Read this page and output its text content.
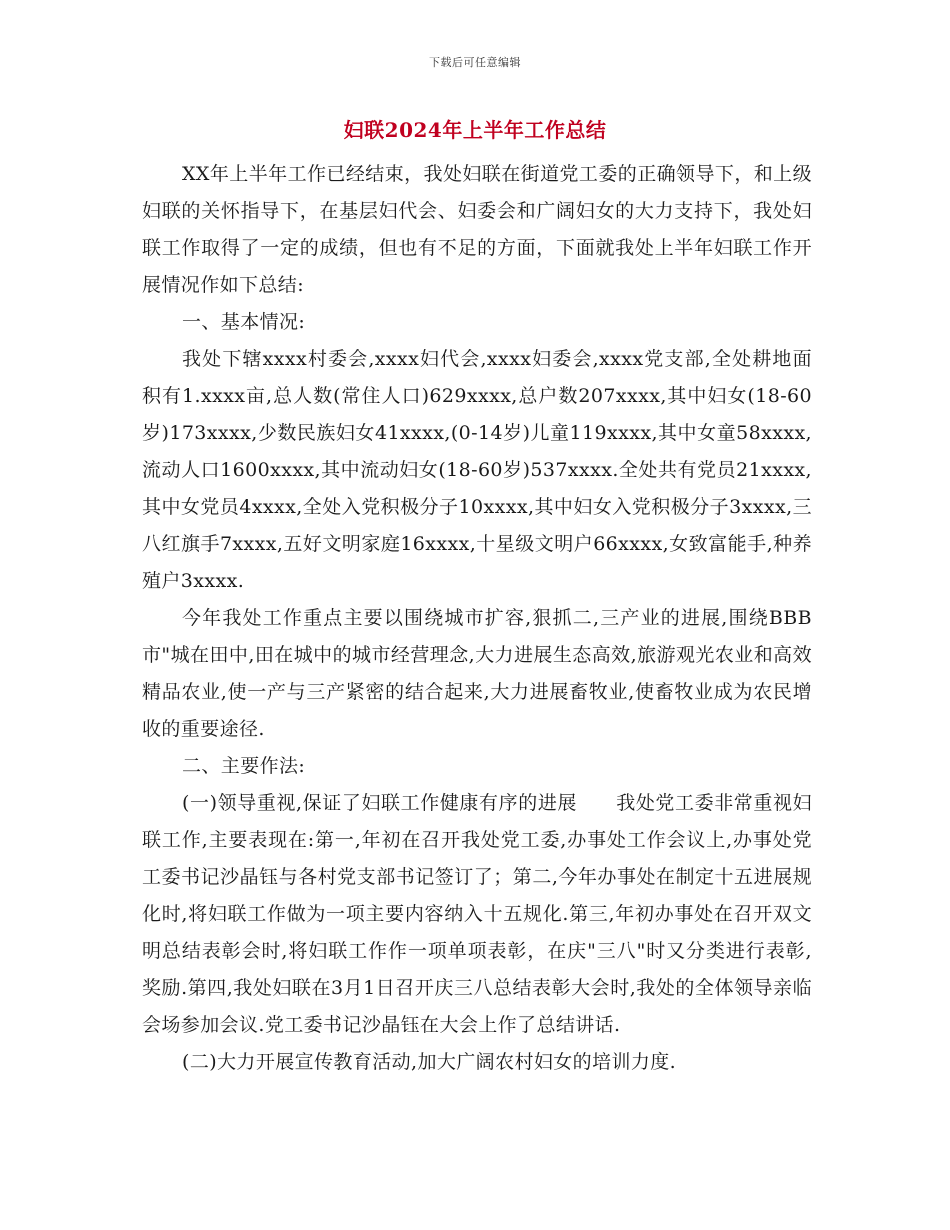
下载后可任意编辑
妇联2024年上半年工作总结

XX年上半年工作已经结束，我处妇联在街道党工委的正确领导下，和上级妇联的关怀指导下，在基层妇代会、妇委会和广阔妇女的大力支持下，我处妇联工作取得了一定的成绩，但也有不足的方面，下面就我处上半年妇联工作开展情况作如下总结:

一、基本情况:

我处下辖xxxx村委会,xxxx妇代会,xxxx妇委会,xxxx党支部,全处耕地面积有1.xxxx亩,总人数(常住人口)629xxxx,总户数207xxxx,其中妇女(18-60岁)173xxxx,少数民族妇女41xxxx,(0-14岁)儿童119xxxx,其中女童58xxxx,流动人口1600xxxx,其中流动妇女(18-60岁)537xxxx.全处共有党员21xxxx,其中女党员4xxxx,全处入党积极分子10xxxx,其中妇女入党积极分子3xxxx,三八红旗手7xxxx,五好文明家庭16xxxx,十星级文明户66xxxx,女致富能手,种养殖户3xxxx.

今年我处工作重点主要以围绕城市扩容,狠抓二,三产业的进展,围绕BBB市"城在田中,田在城中的城市经营理念,大力进展生态高效,旅游观光农业和高效精品农业,使一产与三产紧密的结合起来,大力进展畜牧业,使畜牧业成为农民增收的重要途径.

二、主要作法:

(一)领导重视,保证了妇联工作健康有序的进展　　我处党工委非常重视妇联工作,主要表现在:第一,年初在召开我处党工委,办事处工作会议上,办事处党工委书记沙晶钰与各村党支部书记签订了；第二,今年办事处在制定十五进展规化时,将妇联工作做为一项主要内容纳入十五规化.第三,年初办事处在召开双文明总结表彰会时,将妇联工作作一项单项表彰，在庆"三八"时又分类进行表彰,奖励.第四,我处妇联在3月1日召开庆三八总结表彰大会时,我处的全体领导亲临会场参加会议.党工委书记沙晶钰在大会上作了总结讲话.

(二)大力开展宣传教育活动,加大广阔农村妇女的培训力度.
